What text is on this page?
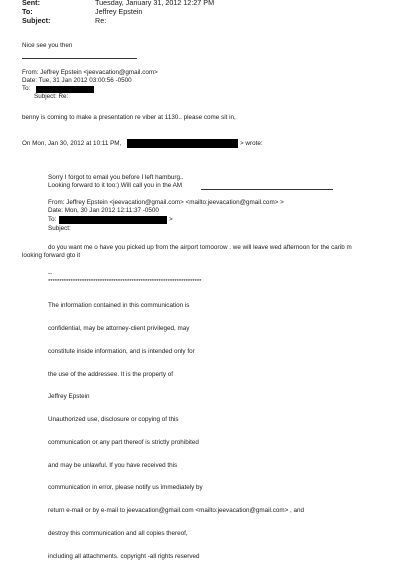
Sent:	Tuesday, January 31, 2012 12:27 PM
To:	Jeffrey Epstein
Subject:	Re:
Nice see you then
From: Jeffrey Epstein <jeevacation@gmail.com>
Date: Tue, 31 Jan 2012 03:00:56 -0500
To:
Subject: Re:
benny is coming to make a presentation re viber at 1130.. please come sit in,
On Mon, Jan 30, 2012 at 10:11 PM,	> wrote:
Sorry I forgot to email you before I left hamburg..
Looking forward to it too:) Will call you in the AM
From: Jeffrey Epstein <jeevacation@gmail.com> <mailto:jeevacation@gmail.com> >
Date: Mon, 30 Jan 2012 12:11:37 -0500
To:	>
Subject:
do you want me o have you picked up from the airport tomoorow . we will leave wed afternoon for the carib m
looking forward gto it
--
********************************************************************

The information contained in this communication is

confidential, may be attorney-client privileged, may

constitute inside information, and is intended only for

the use of the addressee. It is the property of

Jeffrey Epstein

Unauthorized use, disclosure or copying of this

communication or any part thereof is strictly prohibited

and may be unlawful. If you have received this

communication in error, please notify us immediately by

return e-mail or by e-mail to jeevacation@gmail.com <mailto:jeevacation@gmail.com> , and

destroy this communication and all copies thereof,

including all attachments. copyright -all rights reserved
